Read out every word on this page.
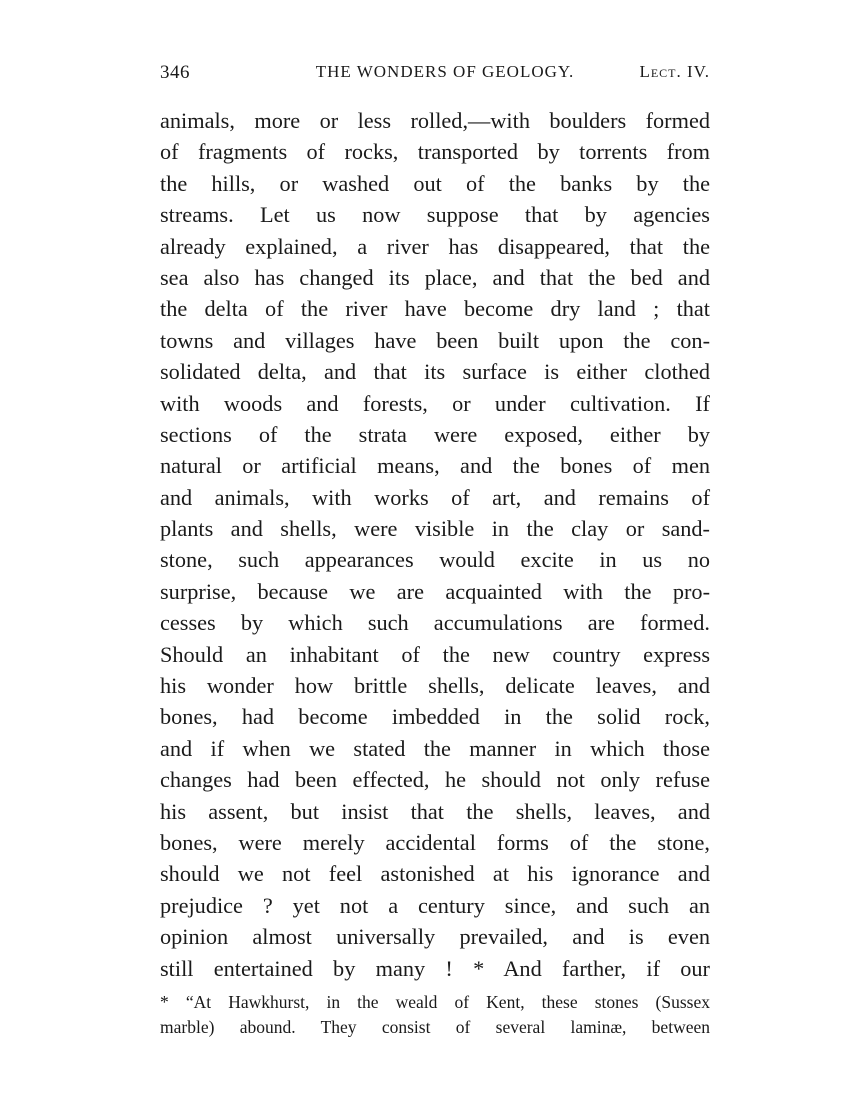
346	THE WONDERS OF GEOLOGY.	Lect. IV.
animals, more or less rolled,—with boulders formed
of fragments of rocks, transported by torrents from
the hills, or washed out of the banks by the
streams. Let us now suppose that by agencies
already explained, a river has disappeared, that the
sea also has changed its place, and that the bed and
the delta of the river have become dry land ; that
towns and villages have been built upon the con-
solidated delta, and that its surface is either clothed
with woods and forests, or under cultivation. If
sections of the strata were exposed, either by
natural or artificial means, and the bones of men
and animals, with works of art, and remains of
plants and shells, were visible in the clay or sand-
stone, such appearances would excite in us no
surprise, because we are acquainted with the pro-
cesses by which such accumulations are formed.
Should an inhabitant of the new country express
his wonder how brittle shells, delicate leaves, and
bones, had become imbedded in the solid rock,
and if when we stated the manner in which those
changes had been effected, he should not only refuse
his assent, but insist that the shells, leaves, and
bones, were merely accidental forms of the stone,
should we not feel astonished at his ignorance and
prejudice ? yet not a century since, and such an
opinion almost universally prevailed, and is even
still entertained by many ! * And farther, if our
* “At Hawkhurst, in the weald of Kent, these stones (Sussex
marble) abound. They consist of several laminæ, between
